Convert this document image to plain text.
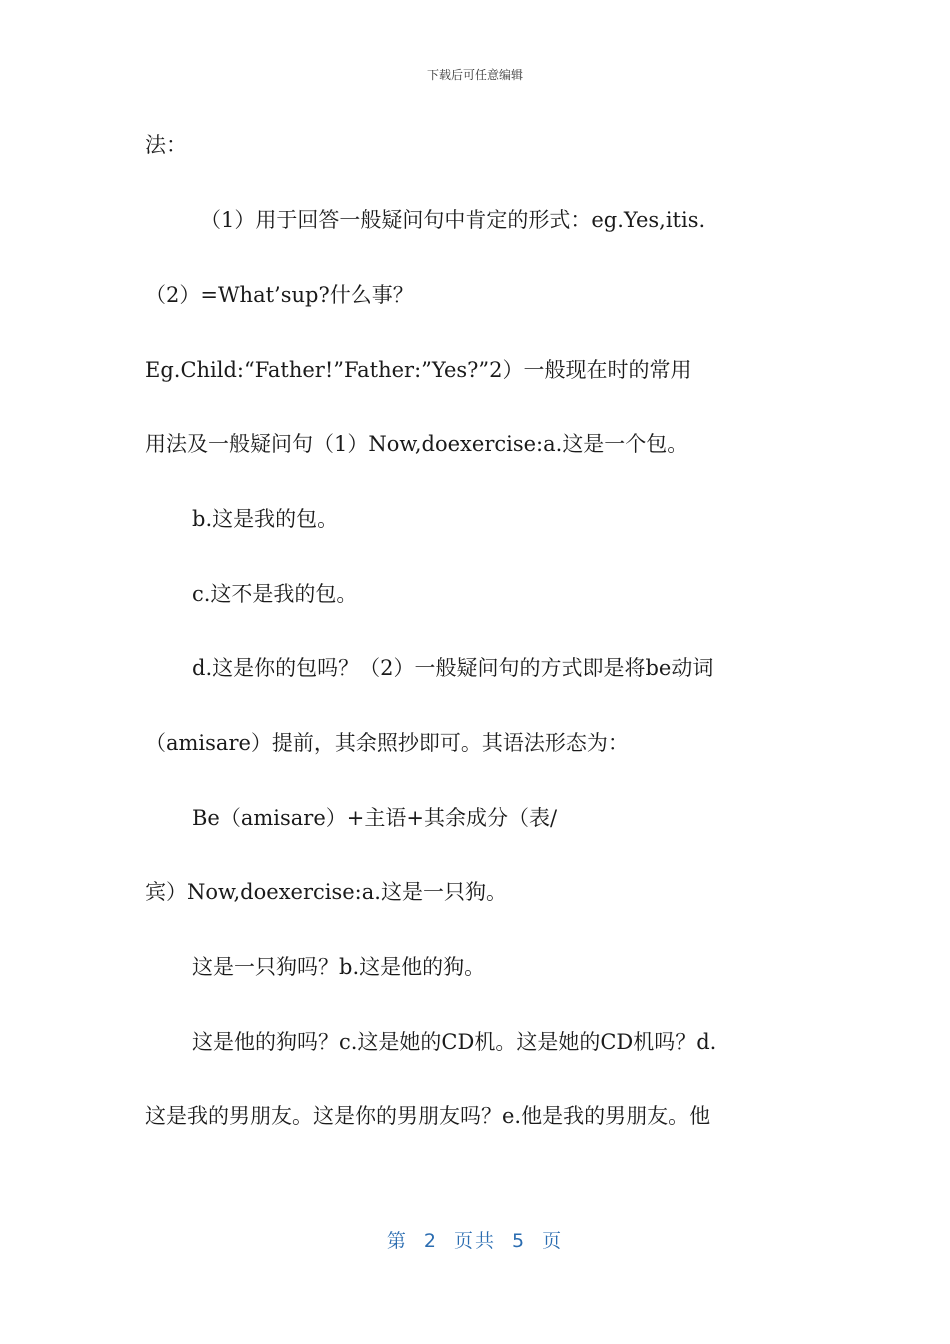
下载后可任意编辑
法：
（1）用于回答一般疑问句中肯定的形式：eg.Yes,itis.
（2）=What’sup?什么事？
Eg.Child:“Father!”Father:”Yes?”2）一般现在时的常用
用法及一般疑问句（1）Now,doexercise:a.这是一个包。
b.这是我的包。
c.这不是我的包。
d.这是你的包吗？（2）一般疑问句的方式即是将be动词
（amisare）提前，其余照抄即可。其语法形态为：
Be（amisare）+主语+其余成分（表/
宾）Now,doexercise:a.这是一只狗。
这是一只狗吗？b.这是他的狗。
这是他的狗吗？c.这是她的CD机。这是她的CD机吗？d.
这是我的男朋友。这是你的男朋友吗？e.他是我的男朋友。他
第 2 页共 5 页
